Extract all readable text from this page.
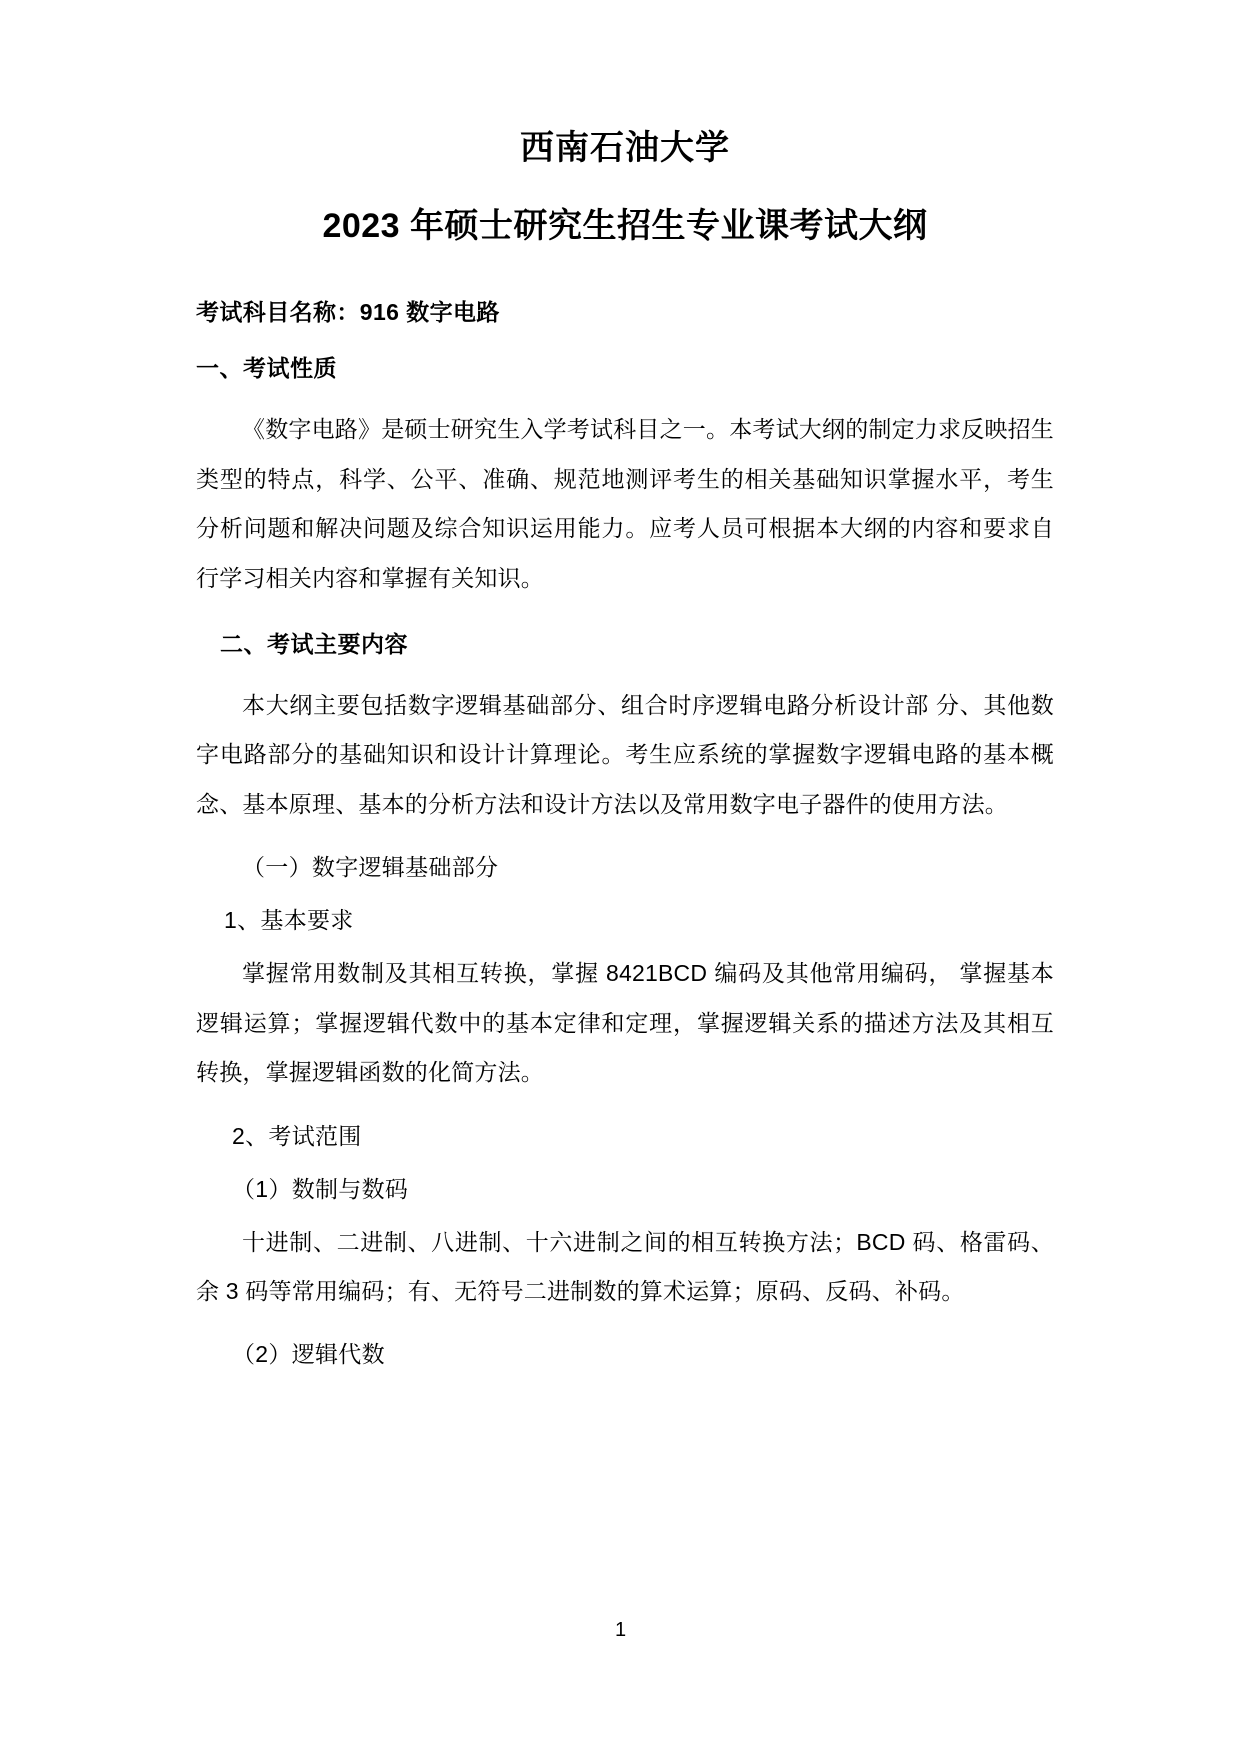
西南石油大学
2023 年硕士研究生招生专业课考试大纲

考试科目名称：916 数字电路

一、考试性质

《数字电路》是硕士研究生入学考试科目之一。本考试大纲的制定力求反映招生类型的特点，科学、公平、准确、规范地测评考生的相关基础知识掌握水平，考生分析问题和解决问题及综合知识运用能力。应考人员可根据本大纲的内容和要求自行学习相关内容和掌握有关知识。

二、考试主要内容

本大纲主要包括数字逻辑基础部分、组合时序逻辑电路分析设计部 分、其他数字电路部分的基础知识和设计计算理论。考生应系统的掌握数字逻辑电路的基本概念、基本原理、基本的分析方法和设计方法以及常用数字电子器件的使用方法。

（一）数字逻辑基础部分

1、基本要求

掌握常用数制及其相互转换，掌握 8421BCD 编码及其他常用编码， 掌握基本逻辑运算；掌握逻辑代数中的基本定律和定理，掌握逻辑关系的描述方法及其相互转换，掌握逻辑函数的化简方法。

2、考试范围

（1）数制与数码

十进制、二进制、八进制、十六进制之间的相互转换方法；BCD 码、格雷码、余 3 码等常用编码；有、无符号二进制数的算术运算；原码、反码、补码。

（2）逻辑代数

1
